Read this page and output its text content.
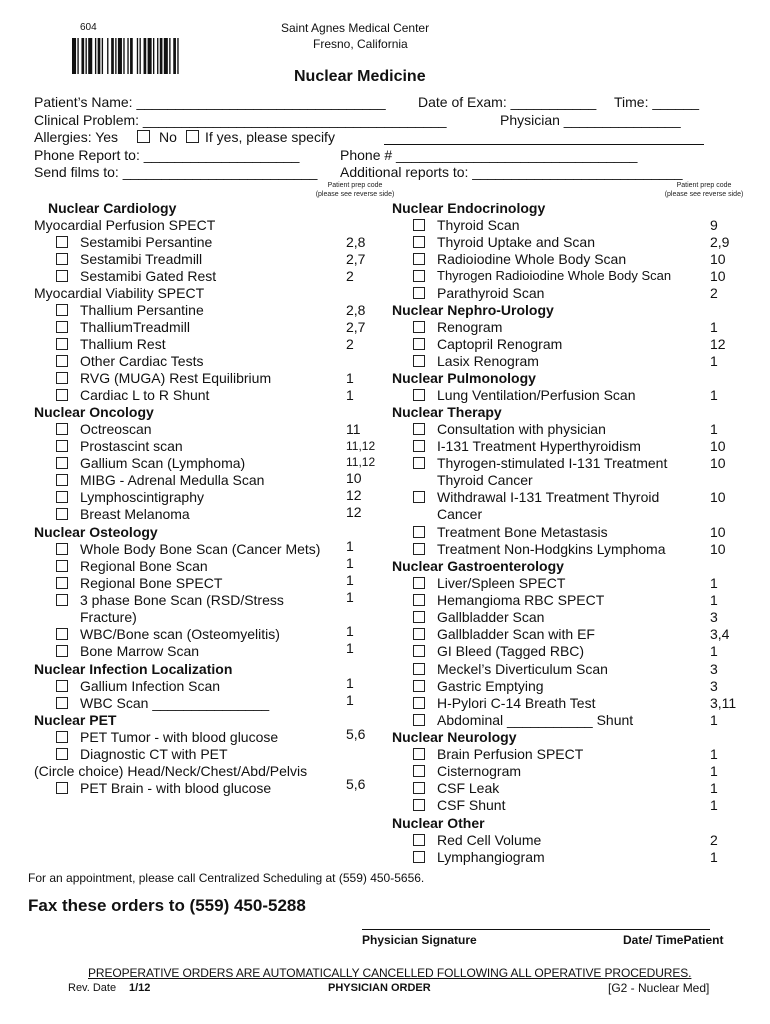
604	Saint Agnes Medical Center
Fresno, California
Nuclear Medicine
Patient’s Name: ________________________________ Date of Exam: ___________ Time: ______
Clinical Problem: _______________________________________	Physician _______________
Allergies: Yes	No If yes, please specify
Phone Report to: ____________________	Phone # _______________________________
Send films to: _________________________ Additional reports to: ___________________________
Patient prep code
(please see reverse side)
Patient prep code
(please see reverse side)
Nuclear Cardiology
Myocardial Perfusion SPECT
Sestamibi Persantine	2,8
Sestamibi Treadmill	2,7
Sestamibi Gated Rest	2
Myocardial Viability SPECT
Thallium Persantine	2,8
ThalliumTreadmill	2,7
Thallium Rest	2
Other Cardiac Tests
RVG (MUGA) Rest Equilibrium	1
Cardiac L to R Shunt	1
Nuclear Oncology
Octreoscan	11
Prostascint scan	11,12
Gallium Scan (Lymphoma)	11,12
MIBG - Adrenal Medulla Scan	10
Lymphoscintigraphy	12
Breast Melanoma	12
Nuclear Osteology
Whole Body Bone Scan (Cancer Mets) 1
Regional Bone Scan	1
Regional Bone SPECT	1
3 phase Bone Scan (RSD/Stress
Fracture)
1
WBC/Bone scan (Osteomyelitis)	1
Bone Marrow Scan	1
Nuclear Infection Localization
Gallium Infection Scan	1
WBC Scan _______________	1
Nuclear PET
PET Tumor - with blood glucose	5,6
Diagnostic CT with PET
(Circle choice) Head/Neck/Chest/Abd/Pelvis
PET Brain - with blood glucose	5,6
Nuclear Endocrinology
Thyroid Scan	9
Thyroid Uptake and Scan	2,9
Radioiodine Whole Body Scan	10
Thyrogen Radioiodine Whole Body Scan	10
Parathyroid Scan	2
Nuclear Nephro-Urology
Renogram	1
Captopril Renogram	12
Lasix Renogram	1
Nuclear Pulmonology
Lung Ventilation/Perfusion Scan	1
Nuclear Therapy
Consultation with physician	1
I-131 Treatment Hyperthyroidism	10
Thyrogen-stimulated I-131 Treatment
Thyroid Cancer
10
Withdrawal I-131 Treatment Thyroid
Cancer
10
Treatment Bone Metastasis	10
Treatment Non-Hodgkins Lymphoma	10
Nuclear Gastroenterology
Liver/Spleen SPECT	1
Hemangioma RBC SPECT	1
Gallbladder Scan	3
Gallbladder Scan with EF	3,4
GI Bleed (Tagged RBC)	1
Meckel’s Diverticulum Scan	3
Gastric Emptying	3
H-Pylori C-14 Breath Test	3,11
Abdominal ___________ Shunt	1
Nuclear Neurology
Brain Perfusion SPECT	1
Cisternogram	1
CSF Leak	1
CSF Shunt	1
Nuclear Other
Red Cell Volume	2
Lymphangiogram	1
For an appointment, please call Centralized Scheduling at (559) 450-5656.
Fax these orders to (559) 450-5288
Physician Signature	Date/ TimePatient
PREOPERATIVE ORDERS ARE AUTOMATICALLY CANCELLED FOLLOWING ALL OPERATIVE PROCEDURES.
Rev. Date 1/12	PHYSICIAN ORDER	[G2 - Nuclear Med]
